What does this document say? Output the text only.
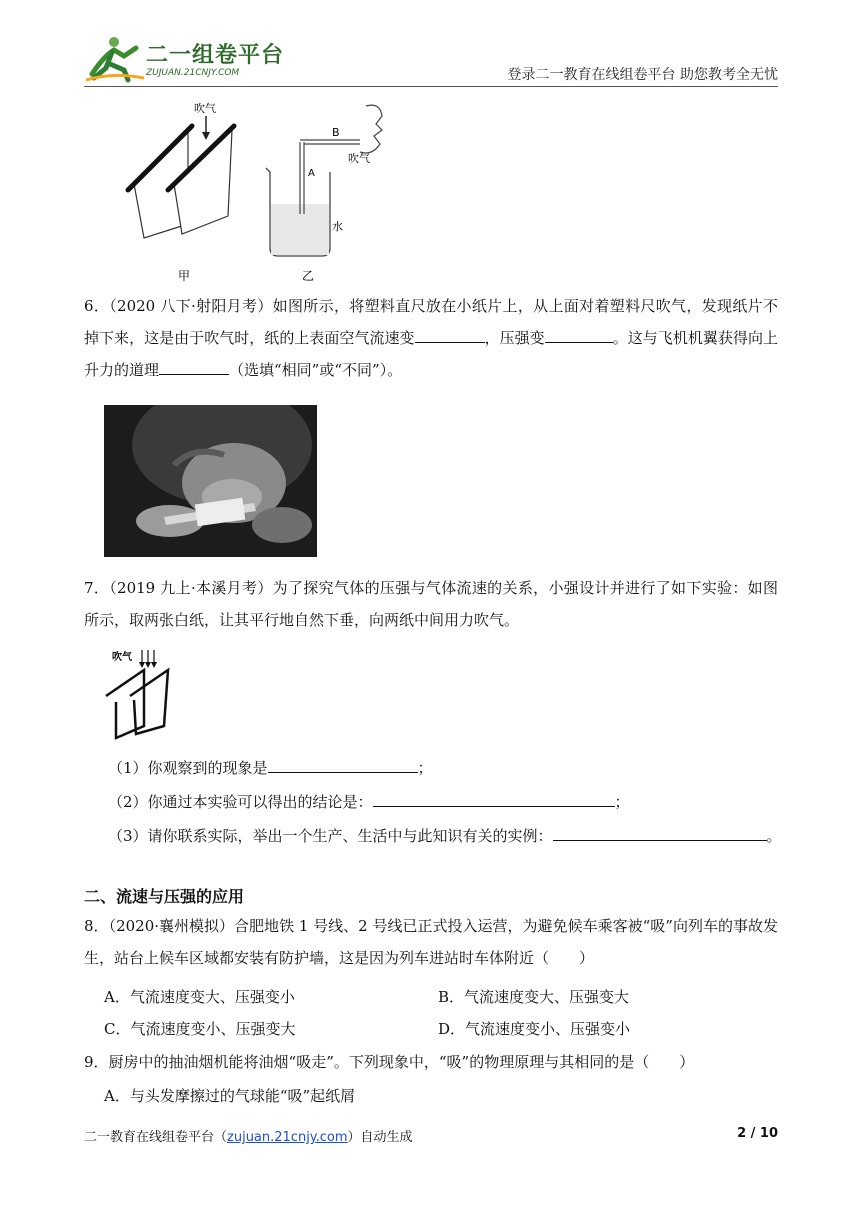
二一组卷平台
ZUJUAN.21CNJY.COM	登录二一教育在线组卷平台 助您教考全无忧
吹气
甲
B
A
吹气
水
乙
6．（2020 八下·射阳月考）如图所示，将塑料直尺放在小纸片上，从上面对着塑料尺吹气，发现纸片不掉下来，这是由于吹气时，纸的上表面空气流速变	，压强变	。这与飞机机翼获得向上升力的道理	（选填“相同”或“不同”）。
7．（2019 九上·本溪月考）为了探究气体的压强与气体流速的关系，小强设计并进行了如下实验：如图所示，取两张白纸，让其平行地自然下垂，向两纸中间用力吹气。
吹气
（1）你观察到的现象是	；
（2）你通过本实验可以得出的结论是：	；
（3）请你联系实际，举出一个生产、生活中与此知识有关的实例：	。
二、流速与压强的应用
8．（2020·襄州模拟）合肥地铁 1 号线、2 号线已正式投入运营，为避免候车乘客被“吸”向列车的事故发生，站台上候车区域都安装有防护墙，这是因为列车进站时车体附近（　　）
A．气流速度变大、压强变小	B．气流速度变大、压强变大
C．气流速度变小、压强变大	D．气流速度变小、压强变小
9．厨房中的抽油烟机能将油烟“吸走”。下列现象中，“吸”的物理原理与其相同的是（　　）
A．与头发摩擦过的气球能“吸”起纸屑
二一教育在线组卷平台（zujuan.21cnjy.com）自动生成	2 / 10
